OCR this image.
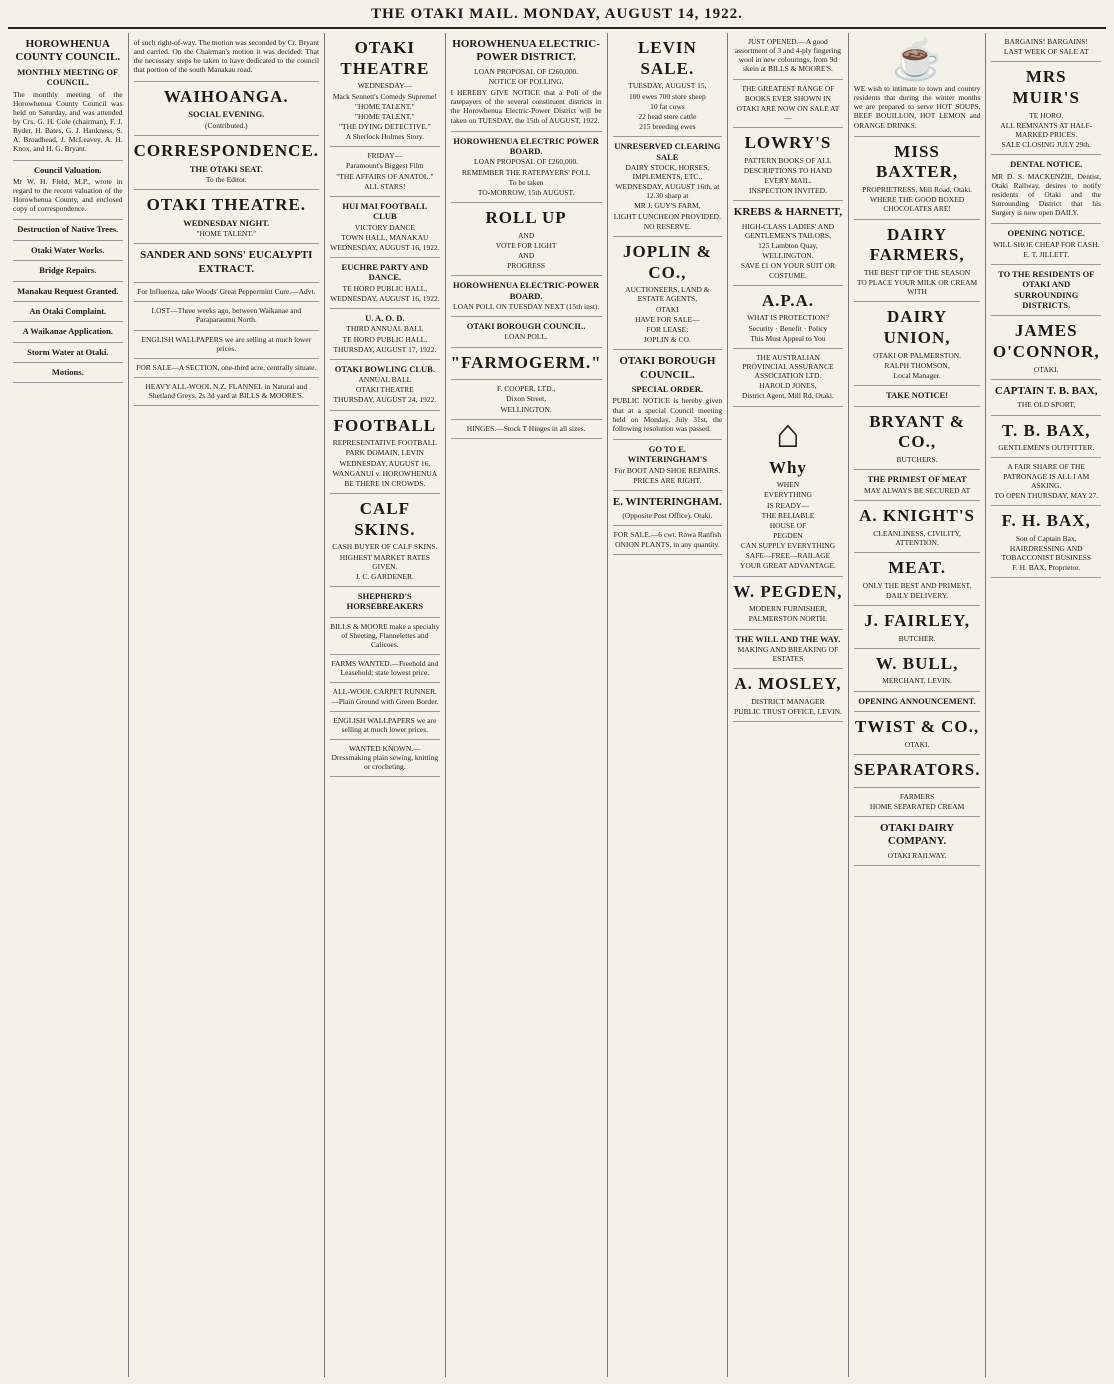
THE OTAKI MAIL. MONDAY, AUGUST 14, 1922.
HOROWHENUA COUNTY COUNCIL.
MONTHLY MEETING OF COUNCIL.
The monthly meeting of the Horowhenua County Council was held on Saturday, and was attended by Crs. G. H. Cole (chairman), F. J. Ryder, H. Bates, G. J. Hankness, S. A. Broadhead, J. McLeavey, A. H. Knox, and H. G. Bryant.
Council Valuation.
Mr W. H. Field, M.P., wrote in regard to the recent valuation of the Horowhenua County, and enclosed copy of correspondence.
Destruction of Native Trees.
Otaki Water Works.
Bridge Repairs.
Manakau Request Granted.
An Otaki Complaint.
A Waikanae Application.
Storm Water at Otaki.
Motions.
of such right-of-way. The motion was seconded by Cr. Bryant and carried. On the Chairman's motion it was decided: That the necessary steps be taken to have dedicated to the council that portion of the south Manakau road.
WAIHOANGA.
SOCIAL EVENING.
(Contributed.)
CORRESPONDENCE.
THE OTAKI SEAT.
To the Editor.
OTAKI THEATRE.
WEDNESDAY NIGHT.
"HOME TALENT."
SANDER AND SONS' EUCALYPTI EXTRACT.
For Influenza, take Woods' Great Peppermint Cure.—Advt.
LOST—Three weeks ago, between Waikanae and Paraparaumu North.
ENGLISH WALLPAPERS we are selling at much lower prices.
FOR SALE—A SECTION, one-third acre, centrally situate.
HEAVY ALL-WOOL N.Z. FLANNEL in Natural and Shetland Greys. 2s 3d yard at BILLS & MOORE'S.
OTAKI THEATRE
WEDNESDAY—
Mack Sennett's Comedy Supreme!
"HOME TALENT."
"HOME TALENT."
"THE DYING DETECTIVE."
A Sherlock Holmes Story.
FRIDAY—
Paramount's Biggest Film
"THE AFFAIRS OF ANATOL."
ALL STARS!
HUI MAI FOOTBALL CLUB
VICTORY DANCE
TOWN HALL, MANAKAU
WEDNESDAY, AUGUST 16, 1922.
EUCHRE PARTY AND DANCE.
TE HORO PUBLIC HALL,
WEDNESDAY, AUGUST 16, 1922.
U. A. O. D.
THIRD ANNUAL BALL
TE HORO PUBLIC HALL,
THURSDAY, AUGUST 17, 1922.
OTAKI BOWLING CLUB.
ANNUAL BALL
OTAKI THEATRE
THURSDAY, AUGUST 24, 1922.
FOOTBALL
REPRESENTATIVE FOOTBALL
PARK DOMAIN, LEVIN
WEDNESDAY, AUGUST 16,
WANGANUI v. HOROWHENUA
BE THERE IN CROWDS.
CALF SKINS.
CASH BUYER OF CALF SKINS.
HIGHEST MARKET RATES GIVEN.
J. C. GARDENER.
SHEPHERD'S HORSEBREAKERS
BILLS & MOORE make a specialty of Sheeting, Flannelettes and Calicoes.
FARMS WANTED.—Freehold and Leasehold; state lowest price.
ALL-WOOL CARPET RUNNER.—Plain Ground with Green Border.
ENGLISH WALLPAPERS we are selling at much lower prices.
WANTED KNOWN.—Dressmaking plain sewing, knitting or crocheting.
HOROWHENUA ELECTRIC-POWER DISTRICT.
LOAN PROPOSAL OF £260,000.
NOTICE OF POLLING.
I HEREBY GIVE NOTICE that a Poll of the ratepayers of the several constituent districts in the Horowhenua Electric-Power District will be taken on TUESDAY, the 15th of AUGUST, 1922.
HOROWHENUA ELECTRIC POWER BOARD.
LOAN PROPOSAL OF £260,000.
REMEMBER THE RATEPAYERS' POLL
To be taken
TO-MORROW, 15th AUGUST.
ROLL UP
AND
VOTE FOR LIGHT
AND
PROGRESS
HOROWHENUA ELECTRIC-POWER BOARD.
LOAN POLL ON TUESDAY NEXT (15th inst).
OTAKI BOROUGH COUNCIL.
LOAN POLL.
"FARMOGERM."
F. COOPER, LTD.,
Dixon Street,
WELLINGTON.
HINGES.—Stock T Hinges in all sizes.
LEVIN SALE.
TUESDAY, AUGUST 15,
100 ewes 700 store sheep
10 fat cows
22 head store cattle
215 breeding ewes
UNRESERVED CLEARING SALE
DAIRY STOCK, HORSES, IMPLEMENTS, ETC.,
WEDNESDAY, AUGUST 16th, at 12.30 sharp at
MR J. GUY'S FARM,
LIGHT LUNCHEON PROVIDED.
NO RESERVE.
JOPLIN & CO.,
AUCTIONEERS, LAND & ESTATE AGENTS,
OTAKI
HAVE FOR SALE—
FOR LEASE:
JOPLIN & CO.
OTAKI BOROUGH COUNCIL.
SPECIAL ORDER.
PUBLIC NOTICE is hereby given that at a special Council meeting held on Monday, July 31st, the following resolution was passed.
GO TO E. WINTERINGHAM'S
For BOOT AND SHOE REPAIRS.
PRICES ARE RIGHT.
E. WINTERINGHAM.
(Opposite Post Office), Otaki.
FOR SALE.—6 cwt. Rowa Ranfish ONION PLANTS, in any quantity.
JUST OPENED.—A good assortment of 3 and 4-ply fingering wool in new colourings, from 9d skein at BILLS & MOORE'S.
THE GREATEST RANGE OF
BOOKS EVER SHOWN IN
OTAKI ARE NOW ON SALE AT—
LOWRY'S
PATTERN BOOKS OF ALL
DESCRIPTIONS TO HAND
EVERY MAIL.
INSPECTION INVITED.
KREBS & HARNETT,
HIGH-CLASS LADIES' AND GENTLEMEN'S TAILORS,
125 Lambton Quay,
WELLINGTON.
SAVE £1 ON YOUR SUIT OR COSTUME.
A.P.A.
WHAT IS PROTECTION?
Security · Benefit · Policy
This Must Appeal to You
THE AUSTRALIAN PROVINCIAL ASSURANCE ASSOCIATION LTD.
HAROLD JONES,
District Agent, Mill Rd, Otaki.
⌂
Why
WHEN
EVERYTHING
IS READY—
THE RELIABLE
HOUSE OF
PEGDEN
CAN SUPPLY EVERYTHING
SAFE—FREE—RAILAGE
YOUR GREAT ADVANTAGE.
W. PEGDEN,
MODERN FURNISHER,
PALMERSTON NORTH.
THE WILL AND THE WAY.
MAKING AND BREAKING OF ESTATES
A. MOSLEY,
DISTRICT MANAGER
PUBLIC TRUST OFFICE, LEVIN.
☕
WE wish to intimate to town and country residents that during the winter months we are prepared to serve HOT SOUPS, BEEF BOUILLON, HOT LEMON and ORANGE DRINKS.
MISS BAXTER,
PROPRIETRESS, Mill Road, Otaki.
WHERE THE GOOD BOXED CHOCOLATES ARE!
DAIRY FARMERS,
THE BEST TIP OF THE SEASON
TO PLACE YOUR MILK OR CREAM WITH
DAIRY UNION,
OTAKI OR PALMERSTON.
RALPH THOMSON,
Local Manager.
TAKE NOTICE!
BRYANT & CO.,
BUTCHERS.
THE PRIMEST OF MEAT
MAY ALWAYS BE SECURED AT
A. KNIGHT'S
CLEANLINESS, CIVILITY, ATTENTION.
MEAT.
ONLY THE BEST AND PRIMEST.
DAILY DELIVERY.
J. FAIRLEY,
BUTCHER.
W. BULL,
MERCHANT, LEVIN.
OPENING ANNOUNCEMENT.
TWIST & CO.,
OTAKI.
SEPARATORS.
FARMERS
HOME SEPARATED CREAM
OTAKI DAIRY COMPANY.
OTAKI RAILWAY.
BARGAINS! BARGAINS!
LAST WEEK OF SALE AT
MRS MUIR'S
TE HORO.
ALL REMNANTS AT HALF-MARKED PRICES.
SALE CLOSING JULY 29th.
DENTAL NOTICE.
MR D. S. MACKENZIE, Dentist, Otaki Railway, desires to notify residents of Otaki and the Surrounding District that his Surgery is now open DAILY.
OPENING NOTICE.
WILL SHOE CHEAP FOR CASH.
E. T. JILLETT.
TO THE RESIDENTS OF OTAKI AND SURROUNDING DISTRICTS.
JAMES O'CONNOR,
OTAKI.
CAPTAIN T. B. BAX,
THE OLD SPORT,
T. B. BAX,
GENTLEMEN'S OUTFITTER.
A FAIR SHARE OF THE PATRONAGE IS ALL I AM ASKING.
TO OPEN THURSDAY, MAY 27.
F. H. BAX,
Son of Captain Bax,
HAIRDRESSING AND TOBACCONIST BUSINESS
F. H. BAX, Proprietor.
